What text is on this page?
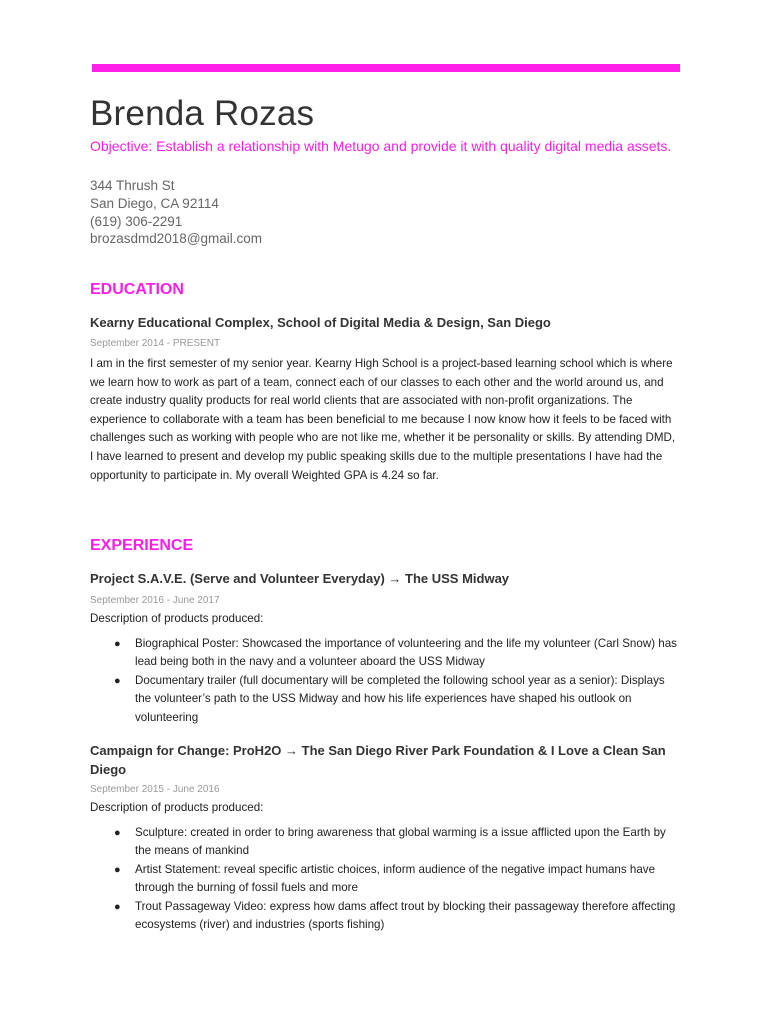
Brenda Rozas
Objective: Establish a relationship with Metugo and provide it with quality digital media assets.
344 Thrush St
San Diego, CA 92114
(619) 306-2291
brozasdmd2018@gmail.com
EDUCATION
Kearny Educational Complex, School of Digital Media & Design, San Diego
September 2014 - PRESENT
I am in the first semester of my senior year. Kearny High School is a project-based learning school which is where we learn how to work as part of a team, connect each of our classes to each other and the world around us, and create industry quality products for real world clients that are associated with non-profit organizations. The experience to collaborate with a team has been beneficial to me because I now know how it feels to be faced with challenges such as working with people who are not like me, whether it be personality or skills. By attending DMD, I have learned to present and develop my public speaking skills due to the multiple presentations I have had the opportunity to participate in. My overall Weighted GPA is 4.24 so far.
EXPERIENCE
Project S.A.V.E. (Serve and Volunteer Everyday) → The USS Midway
September 2016 - June 2017
Description of products produced:
● Biographical Poster: Showcased the importance of volunteering and the life my volunteer (Carl Snow) has lead being both in the navy and a volunteer aboard the USS Midway
● Documentary trailer (full documentary will be completed the following school year as a senior): Displays the volunteer’s path to the USS Midway and how his life experiences have shaped his outlook on volunteering
Campaign for Change: ProH2O → The San Diego River Park Foundation & I Love a Clean San Diego
September 2015 - June 2016
Description of products produced:
● Sculpture: created in order to bring awareness that global warming is a issue afflicted upon the Earth by the means of mankind
● Artist Statement: reveal specific artistic choices, inform audience of the negative impact humans have through the burning of fossil fuels and more
● Trout Passageway Video: express how dams affect trout by blocking their passageway therefore affecting ecosystems (river) and industries (sports fishing)
